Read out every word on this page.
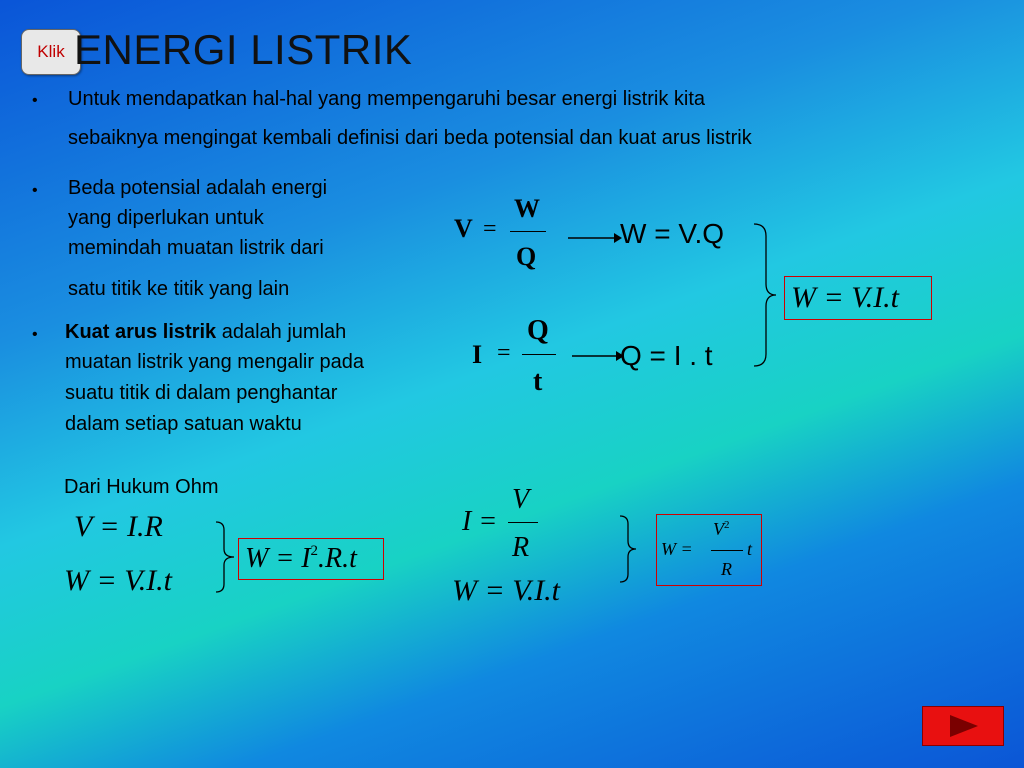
Klik ENERGI LISTRIK
• Untuk mendapatkan hal-hal yang mempengaruhi besar energi listrik kita
sebaiknya mengingat kembali definisi dari beda potensial dan kuat arus listrik
• Beda potensial adalah energi
yang diperlukan untuk
memindah muatan listrik dari
satu titik ke titik yang lain
• Kuat arus listrik adalah jumlah
muatan listrik yang mengalir pada
suatu titik di dalam penghantar
dalam setiap satuan waktu
V =
W
Q
W = V.Q
I =
Q
t
Q = I . t
W = V.I.t
Dari Hukum Ohm
V = I.R
W = V.I.t
$W = I^2.R.t$
I =
V
R
W = V.I.t
W =
$V^2$
R
t
